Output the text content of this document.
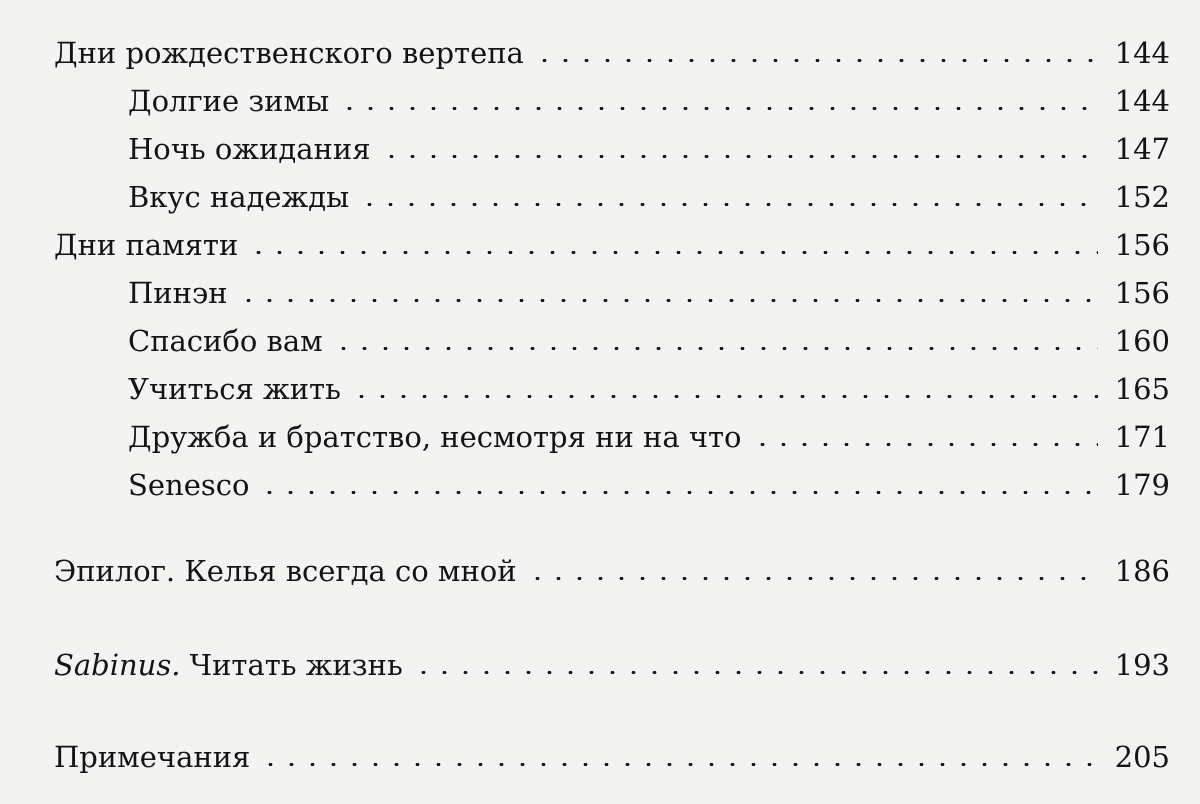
Дни рождественского вертепа	144
Долгие зимы	144
Ночь ожидания	147
Вкус надежды	152
Дни памяти	156
Пинэн	156
Спасибо вам	160
Учиться жить	165
Дружба и братство, несмотря ни на что	171
Senesco	179
Эпилог. Келья всегда со мной	186
Sabinus. Читать жизнь	193
Примечания	205
